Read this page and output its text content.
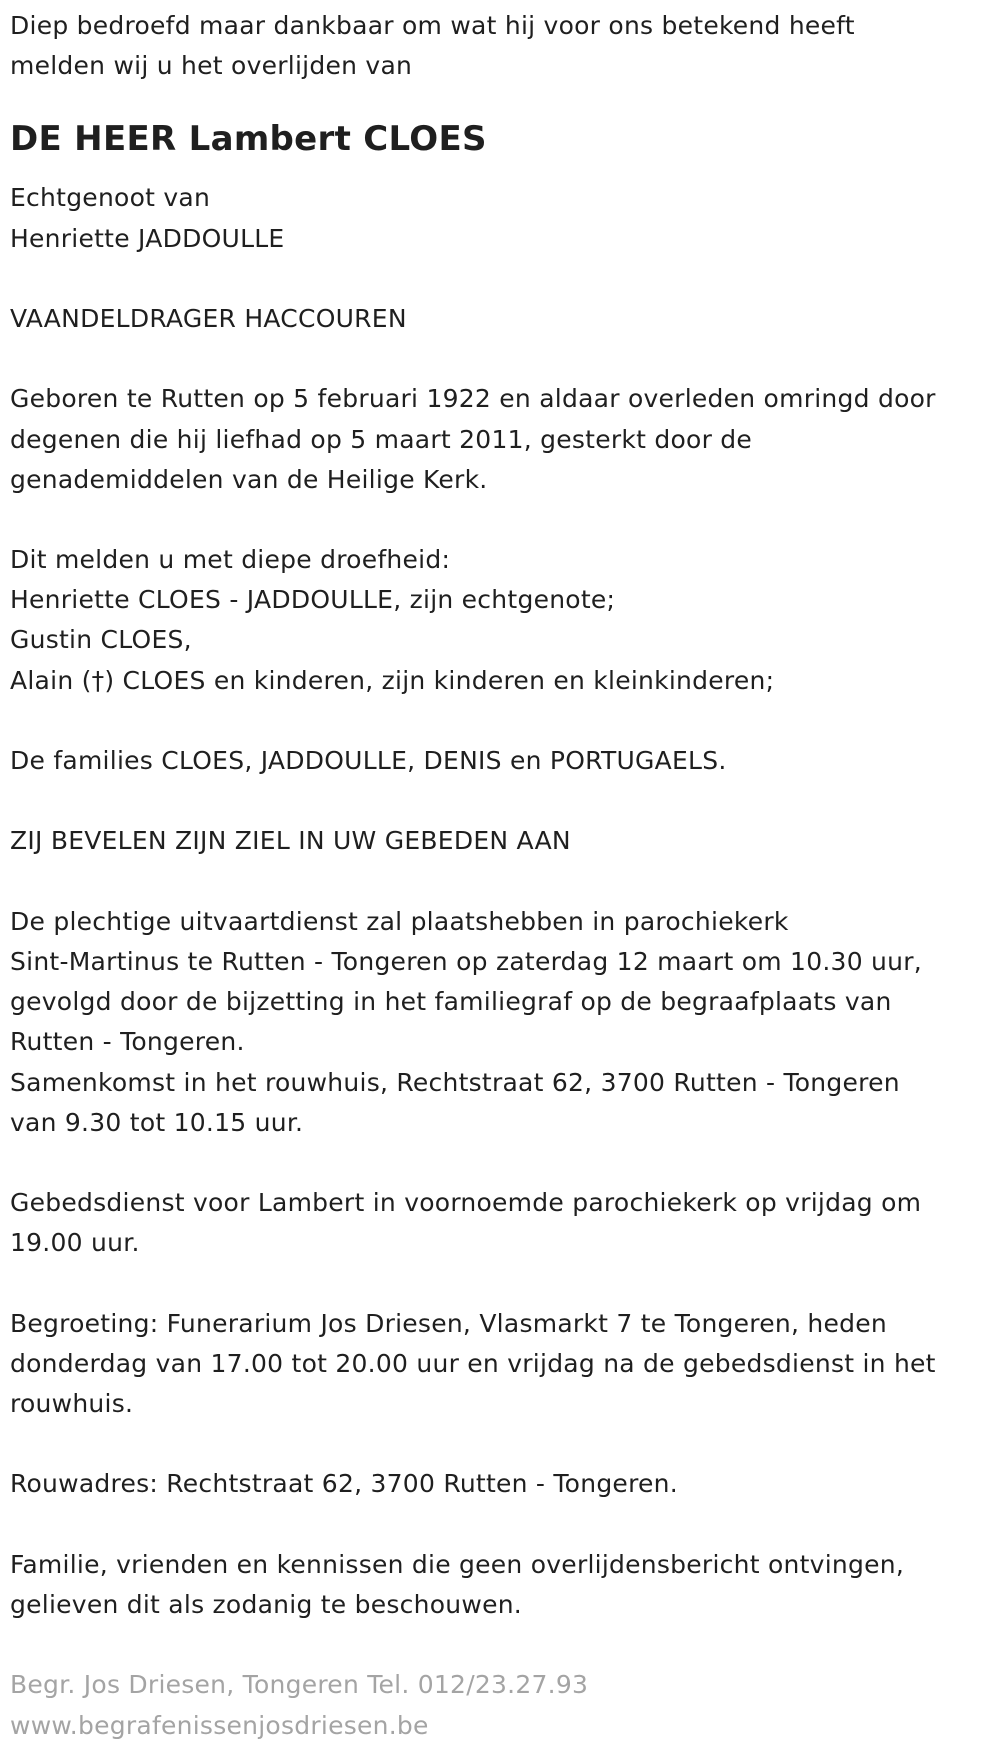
Diep bedroefd maar dankbaar om wat hij voor ons betekend heeft
melden wij u het overlijden van
DE HEER Lambert CLOES
Echtgenoot van
Henriette JADDOULLE
VAANDELDRAGER HACCOUREN
Geboren te Rutten op 5 februari 1922 en aldaar overleden omringd door
degenen die hij liefhad op 5 maart 2011, gesterkt door de
genademiddelen van de Heilige Kerk.
Dit melden u met diepe droefheid:
Henriette CLOES - JADDOULLE, zijn echtgenote;
Gustin CLOES,
Alain (†) CLOES en kinderen, zijn kinderen en kleinkinderen;
De families CLOES, JADDOULLE, DENIS en PORTUGAELS.
ZIJ BEVELEN ZIJN ZIEL IN UW GEBEDEN AAN
De plechtige uitvaartdienst zal plaatshebben in parochiekerk
Sint-Martinus te Rutten - Tongeren op zaterdag 12 maart om 10.30 uur,
gevolgd door de bijzetting in het familiegraf op de begraafplaats van
Rutten - Tongeren.
Samenkomst in het rouwhuis, Rechtstraat 62, 3700 Rutten - Tongeren
van 9.30 tot 10.15 uur.
Gebedsdienst voor Lambert in voornoemde parochiekerk op vrijdag om
19.00 uur.
Begroeting: Funerarium Jos Driesen, Vlasmarkt 7 te Tongeren, heden
donderdag van 17.00 tot 20.00 uur en vrijdag na de gebedsdienst in het
rouwhuis.
Rouwadres: Rechtstraat 62, 3700 Rutten - Tongeren.
Familie, vrienden en kennissen die geen overlijdensbericht ontvingen,
gelieven dit als zodanig te beschouwen.
Begr. Jos Driesen, Tongeren Tel. 012/23.27.93
www.begrafenissenjosdriesen.be
